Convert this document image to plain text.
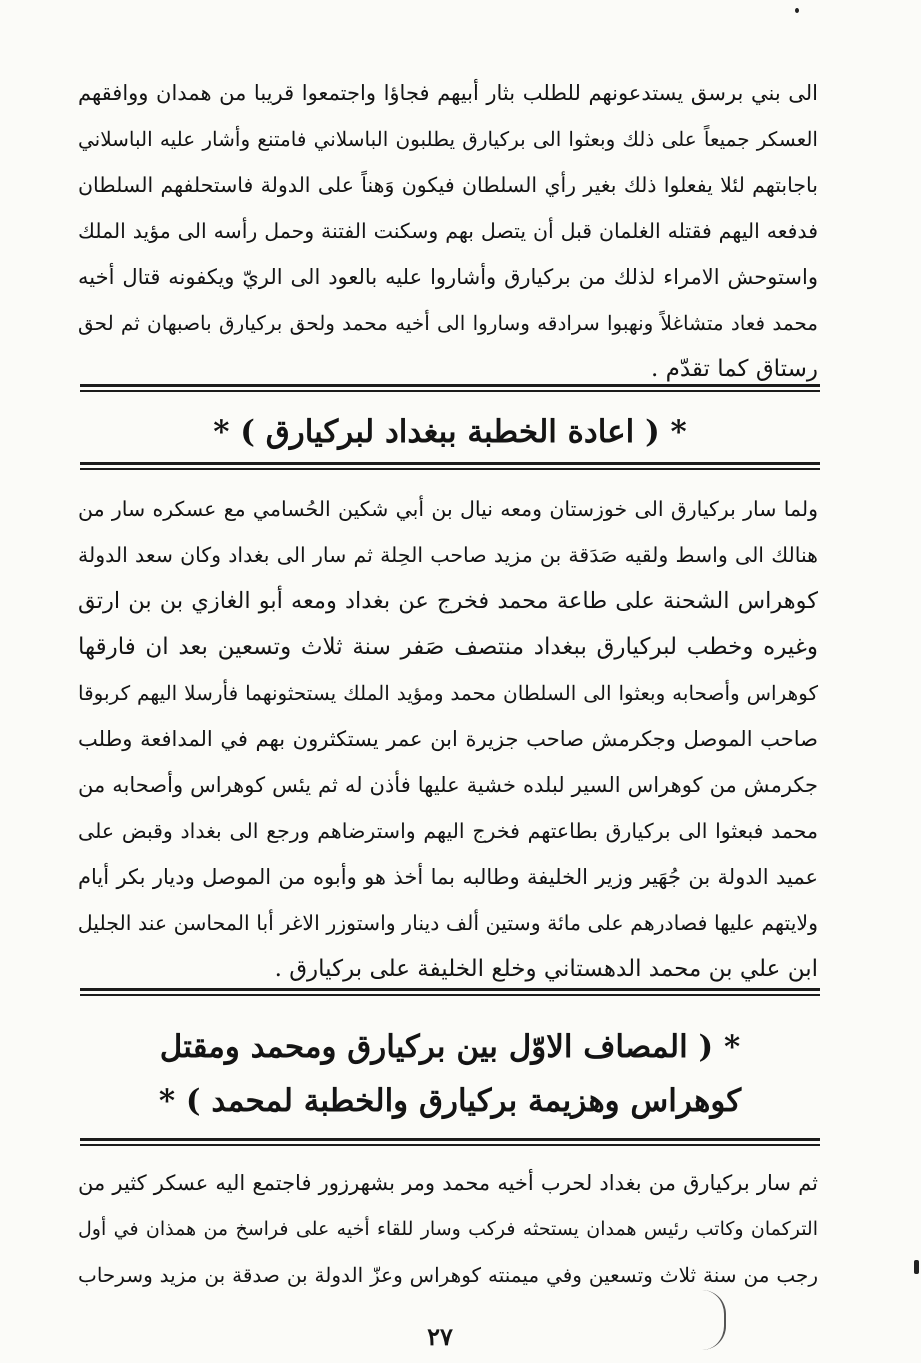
الى بني برسق يستدعونهم للطلب بثار أبيهم فجاؤا واجتمعوا قريبا من همدان ووافقهم
العسكر جميعاً على ذلك وبعثوا الى بركيارق يطلبون الباسلاني فامتنع وأشار عليه الباسلاني
باجابتهم لئلا يفعلوا ذلك بغير رأي السلطان فيكون وَهناً على الدولة فاستحلفهم السلطان
فدفعه اليهم فقتله الغلمان قبل أن يتصل بهم وسكنت الفتنة وحمل رأسه الى مؤيد الملك
واستوحش الامراء لذلك من بركيارق وأشاروا عليه بالعود الى الريّ ويكفونه قتال أخيه
محمد فعاد متشاغلاً ونهبوا سرادقه وساروا الى أخيه محمد ولحق بركيارق باصبهان ثم لحق
رستاق كما تقدّم .
* ( اعادة الخطبة ببغداد لبركيارق ) *
ولما سار بركيارق الى خوزستان ومعه نيال بن أبي شكين الحُسامي مع عسكره سار من
هنالك الى واسط ولقيه صَدَقة بن مزيد صاحب الحِلة ثم سار الى بغداد وكان سعد الدولة
كوهراس الشحنة على طاعة محمد فخرج عن بغداد ومعه أبو الغازي بن بن ارتق
وغيره وخطب لبركيارق ببغداد منتصف صَفر سنة ثلاث وتسعين بعد ان فارقها
كوهراس وأصحابه وبعثوا الى السلطان محمد ومؤيد الملك يستحثونهما فأرسلا اليهم كربوقا
صاحب الموصل وجكرمش صاحب جزيرة ابن عمر يستكثرون بهم في المدافعة وطلب
جكرمش من كوهراس السير لبلده خشية عليها فأذن له ثم يئس كوهراس وأصحابه من
محمد فبعثوا الى بركيارق بطاعتهم فخرج اليهم واسترضاهم ورجع الى بغداد وقبض على
عميد الدولة بن جُهَير وزير الخليفة وطالبه بما أخذ هو وأبوه من الموصل وديار بكر أيام
ولايتهم عليها فصادرهم على مائة وستين ألف دينار واستوزر الاغر أبا المحاسن عند الجليل
ابن علي بن محمد الدهستاني وخلع الخليفة على بركيارق .
* ( المصاف الاوّل بين بركيارق ومحمد ومقتل
كوهراس وهزيمة بركيارق والخطبة لمحمد ) *
ثم سار بركيارق من بغداد لحرب أخيه محمد ومر بشهرزور فاجتمع اليه عسكر كثير من
التركمان وكاتب رئيس همدان يستحثه فركب وسار للقاء أخيه على فراسخ من همذان في أول
رجب من سنة ثلاث وتسعين وفي ميمنته كوهراس وعزّ الدولة بن صدقة بن مزيد وسرحاب
٢٧
